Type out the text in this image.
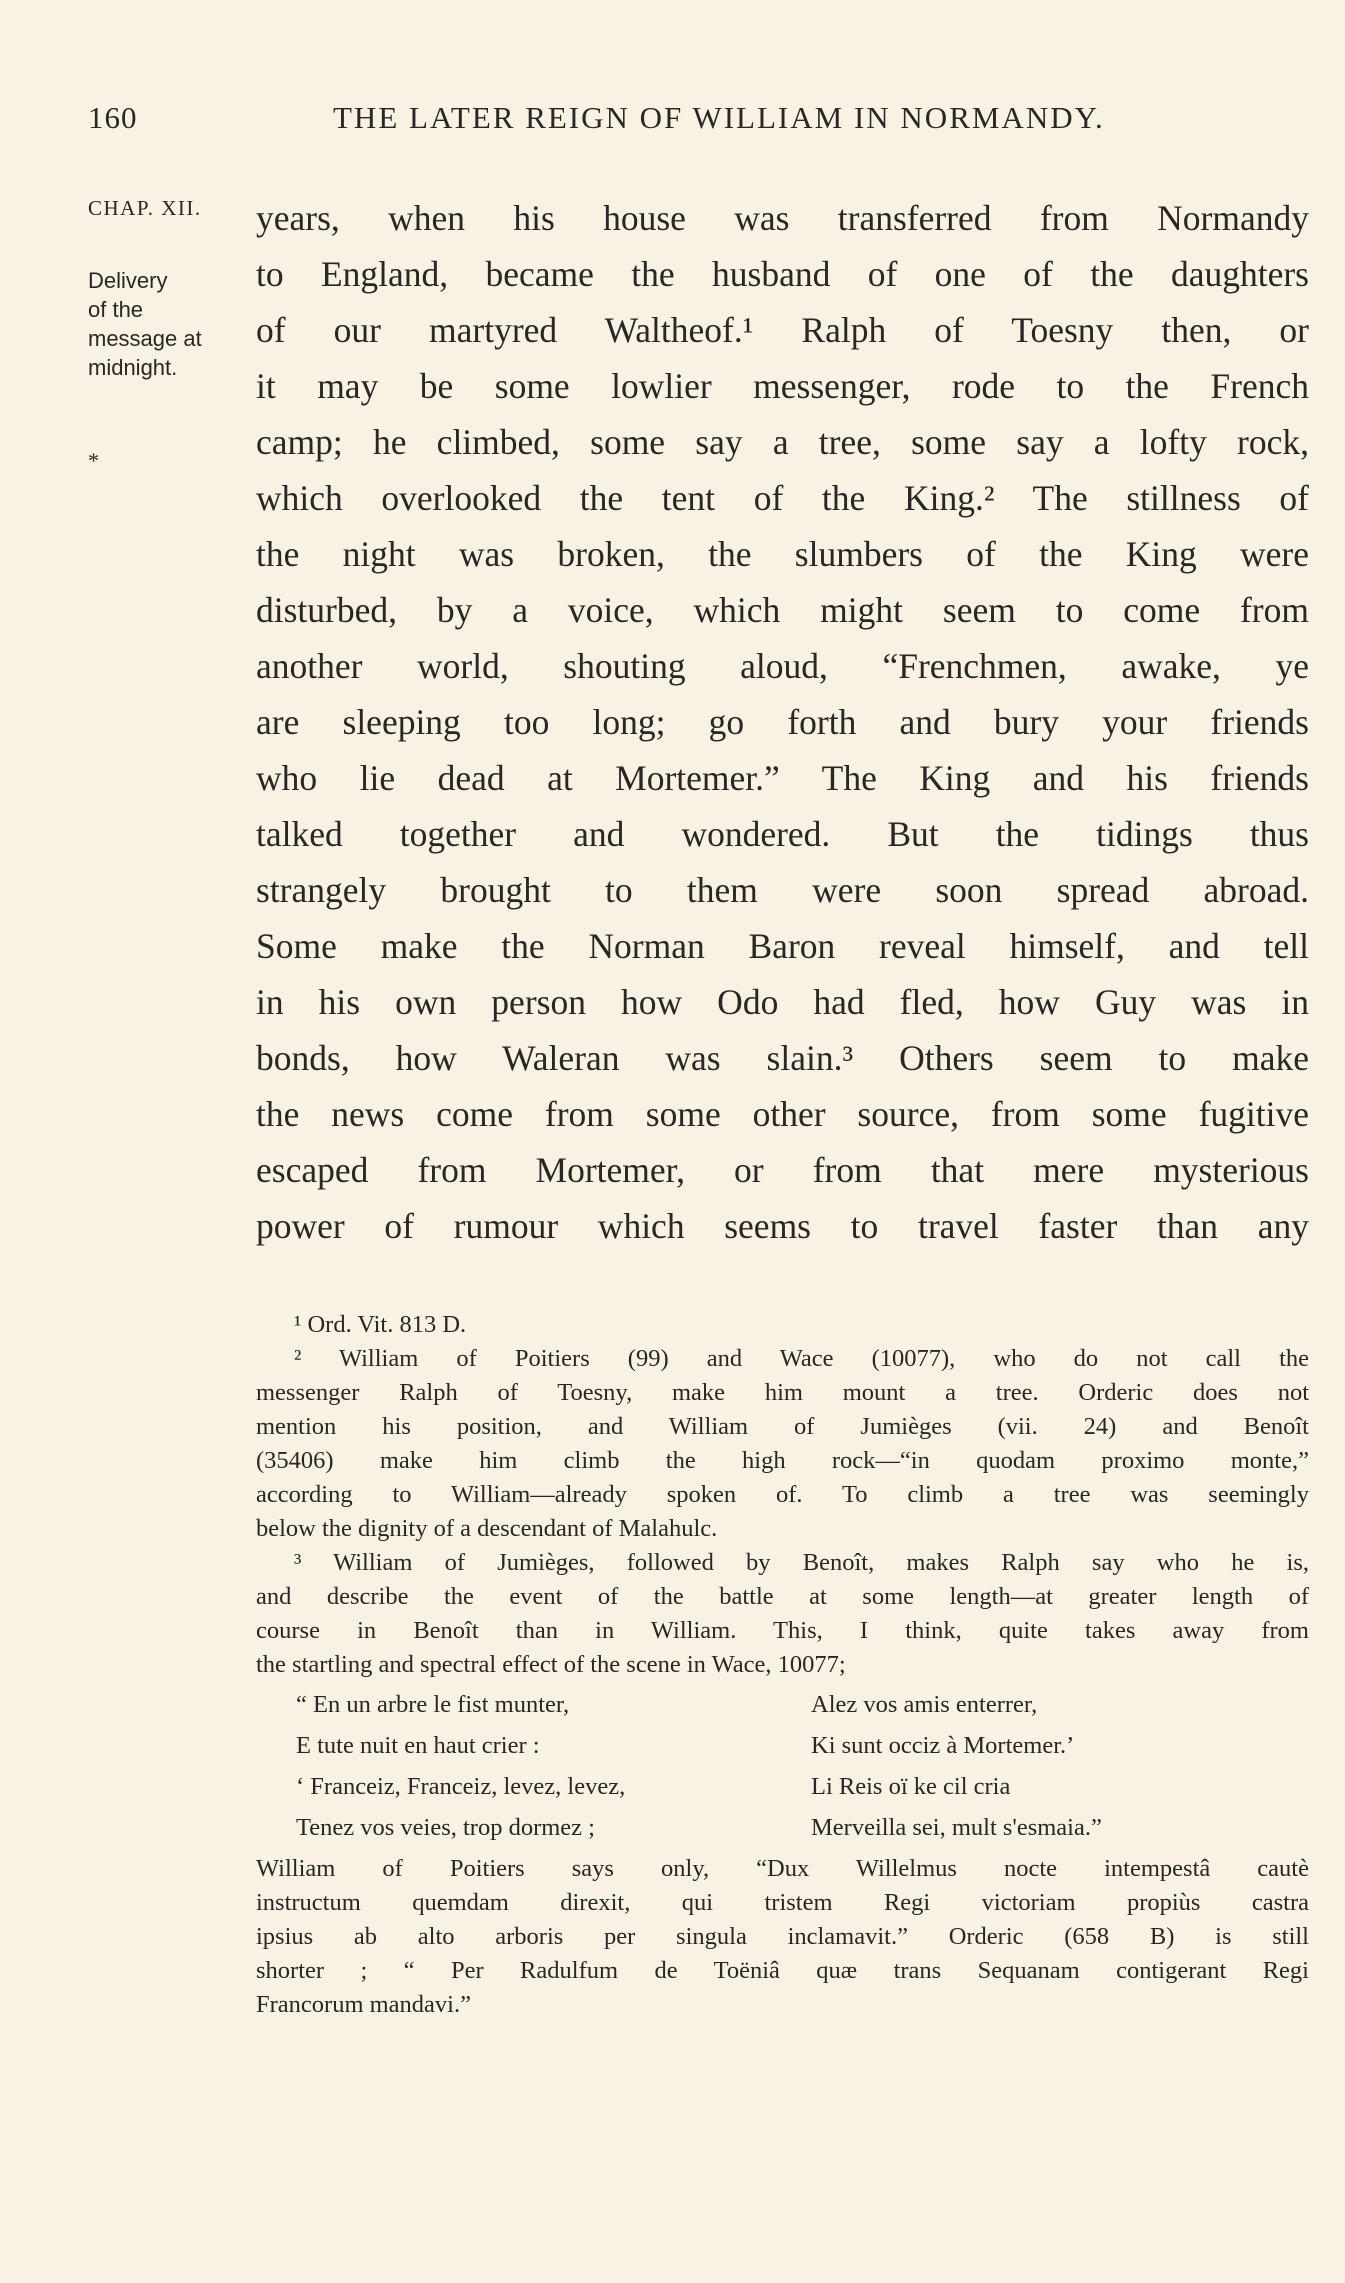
160	THE LATER REIGN OF WILLIAM IN NORMANDY.
CHAP. XII.
Delivery
of the
message at
midnight.
*
years, when his house was transferred from Normandy
to England, became the husband of one of the daughters
of our martyred Waltheof.¹ Ralph of Toesny then, or
it may be some lowlier messenger, rode to the French
camp; he climbed, some say a tree, some say a lofty rock,
which overlooked the tent of the King.² The stillness of
the night was broken, the slumbers of the King were
disturbed, by a voice, which might seem to come from
another world, shouting aloud, “Frenchmen, awake, ye
are sleeping too long; go forth and bury your friends
who lie dead at Mortemer.” The King and his friends
talked together and wondered. But the tidings thus
strangely brought to them were soon spread abroad.
Some make the Norman Baron reveal himself, and tell
in his own person how Odo had fled, how Guy was in
bonds, how Waleran was slain.³ Others seem to make
the news come from some other source, from some fugitive
escaped from Mortemer, or from that mere mysterious
power of rumour which seems to travel faster than any
¹ Ord. Vit. 813 D.
² William of Poitiers (99) and Wace (10077), who do not call the
messenger Ralph of Toesny, make him mount a tree. Orderic does not
mention his position, and William of Jumièges (vii. 24) and Benoît
(35406) make him climb the high rock—“in quodam proximo monte,”
according to William—already spoken of. To climb a tree was seemingly
below the dignity of a descendant of Malahulc.
³ William of Jumièges, followed by Benoît, makes Ralph say who he is,
and describe the event of the battle at some length—at greater length of
course in Benoît than in William. This, I think, quite takes away from
the startling and spectral effect of the scene in Wace, 10077;
“ En un arbre le fist munter,
E tute nuit en haut crier :
‘ Franceiz, Franceiz, levez, levez,
Tenez vos veies, trop dormez ;
Alez vos amis enterrer,
Ki sunt occiz à Mortemer.’
Li Reis oï ke cil cria
Merveilla sei, mult s'esmaia.”
William of Poitiers says only, “Dux Willelmus nocte intempestâ cautè
instructum quemdam direxit, qui tristem Regi victoriam propiùs castra
ipsius ab alto arboris per singula inclamavit.” Orderic (658 B) is still
shorter ; “ Per Radulfum de Toëniâ quæ trans Sequanam contigerant Regi
Francorum mandavi.”
